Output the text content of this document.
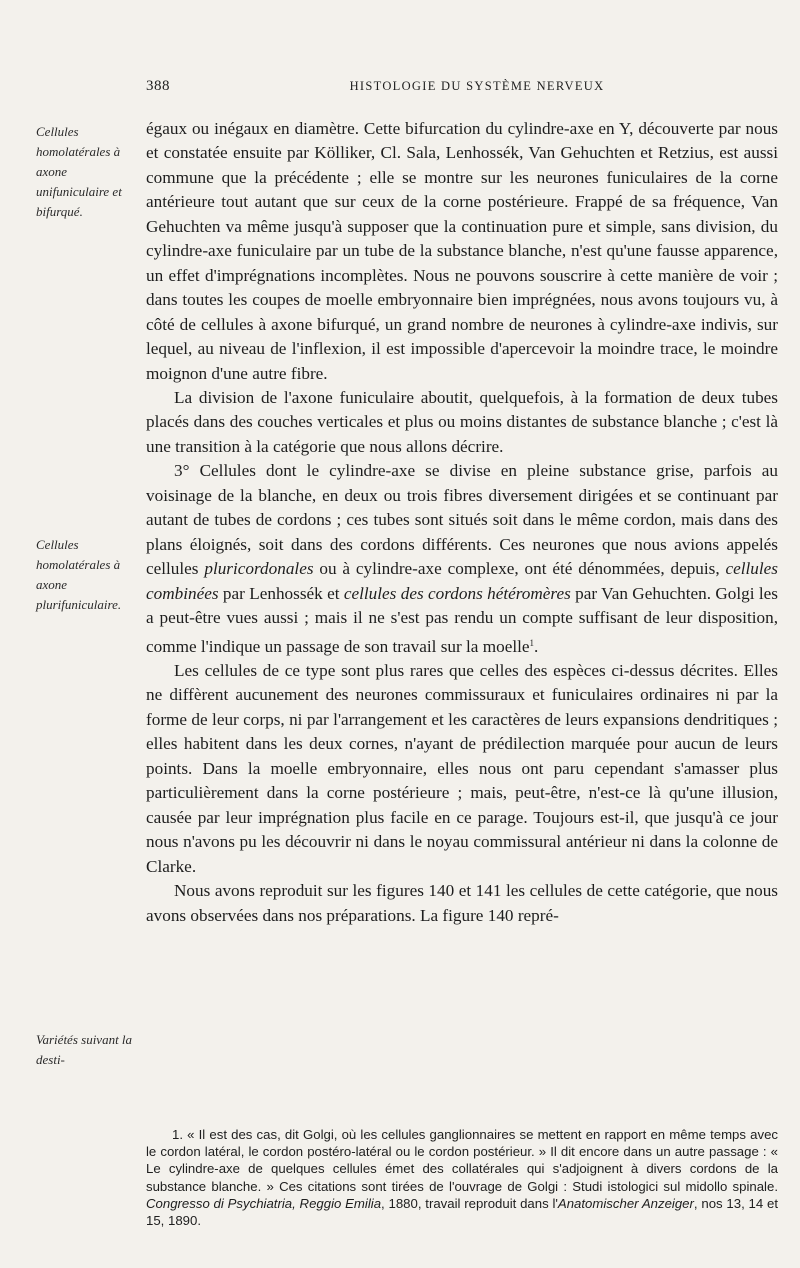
388	HISTOLOGIE DU SYSTÈME NERVEUX
Cellules homolatérales à axone unifuniculaire et bifurqué.
Cellules homolatérales à axone plurifuniculaire.
Variétés suivant la desti-

égaux ou inégaux en diamètre. Cette bifurcation du cylindre-axe en Y, découverte par nous et constatée ensuite par Kölliker, Cl. Sala, Lenhossék, Van Gehuchten et Retzius, est aussi commune que la précédente ; elle se montre sur les neurones funiculaires de la corne antérieure tout autant que sur ceux de la corne postérieure. Frappé de sa fréquence, Van Gehuchten va même jusqu'à supposer que la continuation pure et simple, sans division, du cylindre-axe funiculaire par un tube de la substance blanche, n'est qu'une fausse apparence, un effet d'imprégnations incomplètes. Nous ne pouvons souscrire à cette manière de voir ; dans toutes les coupes de moelle embryonnaire bien imprégnées, nous avons toujours vu, à côté de cellules à axone bifurqué, un grand nombre de neurones à cylindre-axe indivis, sur lequel, au niveau de l'inflexion, il est impossible d'apercevoir la moindre trace, le moindre moignon d'une autre fibre.

La division de l'axone funiculaire aboutit, quelquefois, à la formation de deux tubes placés dans des couches verticales et plus ou moins distantes de substance blanche ; c'est là une transition à la catégorie que nous allons décrire.

3° Cellules dont le cylindre-axe se divise en pleine substance grise, parfois au voisinage de la blanche, en deux ou trois fibres diversement dirigées et se continuant par autant de tubes de cordons ; ces tubes sont situés soit dans le même cordon, mais dans des plans éloignés, soit dans des cordons différents. Ces neurones que nous avions appelés cellules pluricordonales ou à cylindre-axe complexe, ont été dénommées, depuis, cellules combinées par Lenhossék et cellules des cordons hétéromères par Van Gehuchten. Golgi les a peut-être vues aussi ; mais il ne s'est pas rendu un compte suffisant de leur disposition, comme l'indique un passage de son travail sur la moelle$^1$.

Les cellules de ce type sont plus rares que celles des espèces ci-dessus décrites. Elles ne diffèrent aucunement des neurones commissuraux et funiculaires ordinaires ni par la forme de leur corps, ni par l'arrangement et les caractères de leurs expansions dendritiques ; elles habitent dans les deux cornes, n'ayant de prédilection marquée pour aucun de leurs points. Dans la moelle embryonnaire, elles nous ont paru cependant s'amasser plus particulièrement dans la corne postérieure ; mais, peut-être, n'est-ce là qu'une illusion, causée par leur imprégnation plus facile en ce parage. Toujours est-il, que jusqu'à ce jour nous n'avons pu les découvrir ni dans le noyau commissural antérieur ni dans la colonne de Clarke.

Nous avons reproduit sur les figures 140 et 141 les cellules de cette catégorie, que nous avons observées dans nos préparations. La figure 140 repré-

1. « Il est des cas, dit Golgi, où les cellules ganglionnaires se mettent en rapport en même temps avec le cordon latéral, le cordon postéro-latéral ou le cordon postérieur. » Il dit encore dans un autre passage : « Le cylindre-axe de quelques cellules émet des collatérales qui s'adjoignent à divers cordons de la substance blanche. » Ces citations sont tirées de l'ouvrage de Golgi : Studi istologici sul midollo spinale. Congresso di Psychiatria, Reggio Emilia, 1880, travail reproduit dans l'Anatomischer Anzeiger, nos 13, 14 et 15, 1890.
